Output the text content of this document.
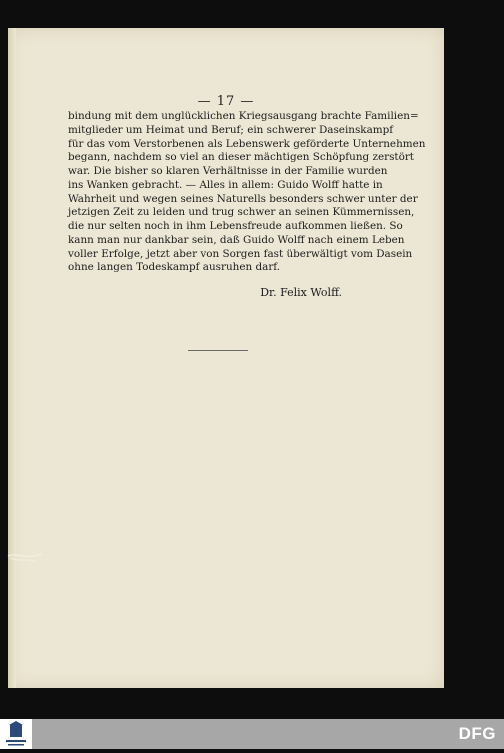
— 17 —
bindung mit dem unglücklichen Kriegsausgang brachte Familien=
mitglieder um Heimat und Beruf; ein schwerer Daseinskampf
für das vom Verstorbenen als Lebenswerk geförderte Unternehmen
begann, nachdem so viel an dieser mächtigen Schöpfung zerstört
war. Die bisher so klaren Verhältnisse in der Familie wurden
ins Wanken gebracht. — Alles in allem: Guido Wolff hatte in
Wahrheit und wegen seines Naturells besonders schwer unter der
jetzigen Zeit zu leiden und trug schwer an seinen Kümmernissen,
die nur selten noch in ihm Lebensfreude aufkommen ließen. So
kann man nur dankbar sein, daß Guido Wolff nach einem Leben
voller Erfolge, jetzt aber von Sorgen fast überwältigt vom Dasein
ohne langen Todeskampf ausruhen darf.
Dr. Felix Wolff.
DFG
